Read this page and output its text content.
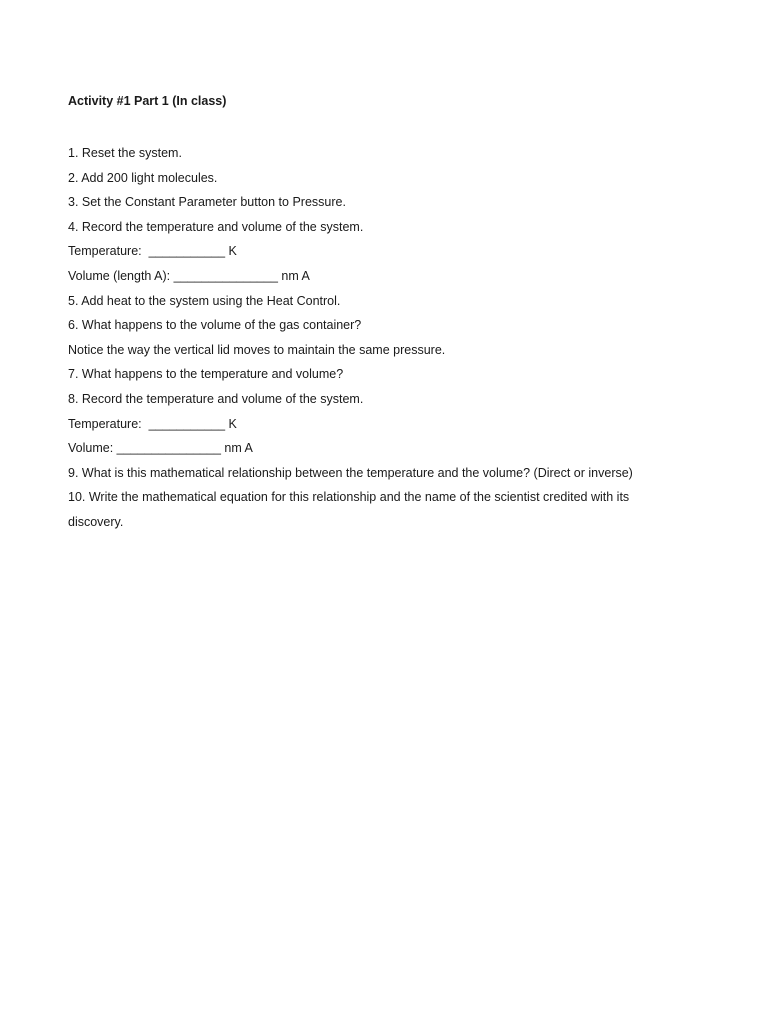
Activity #1 Part 1 (In class)
1. Reset the system.
2. Add 200 light molecules.
3. Set the Constant Parameter button to Pressure.
4. Record the temperature and volume of the system.
Temperature:  ___________ K
Volume (length A): _______________ nm A
5. Add heat to the system using the Heat Control.
6. What happens to the volume of the gas container?
Notice the way the vertical lid moves to maintain the same pressure.
7. What happens to the temperature and volume?
8. Record the temperature and volume of the system.
Temperature:  ___________ K
Volume: _______________ nm A
9. What is this mathematical relationship between the temperature and the volume? (Direct or inverse)
10. Write the mathematical equation for this relationship and the name of the scientist credited with its
discovery.
